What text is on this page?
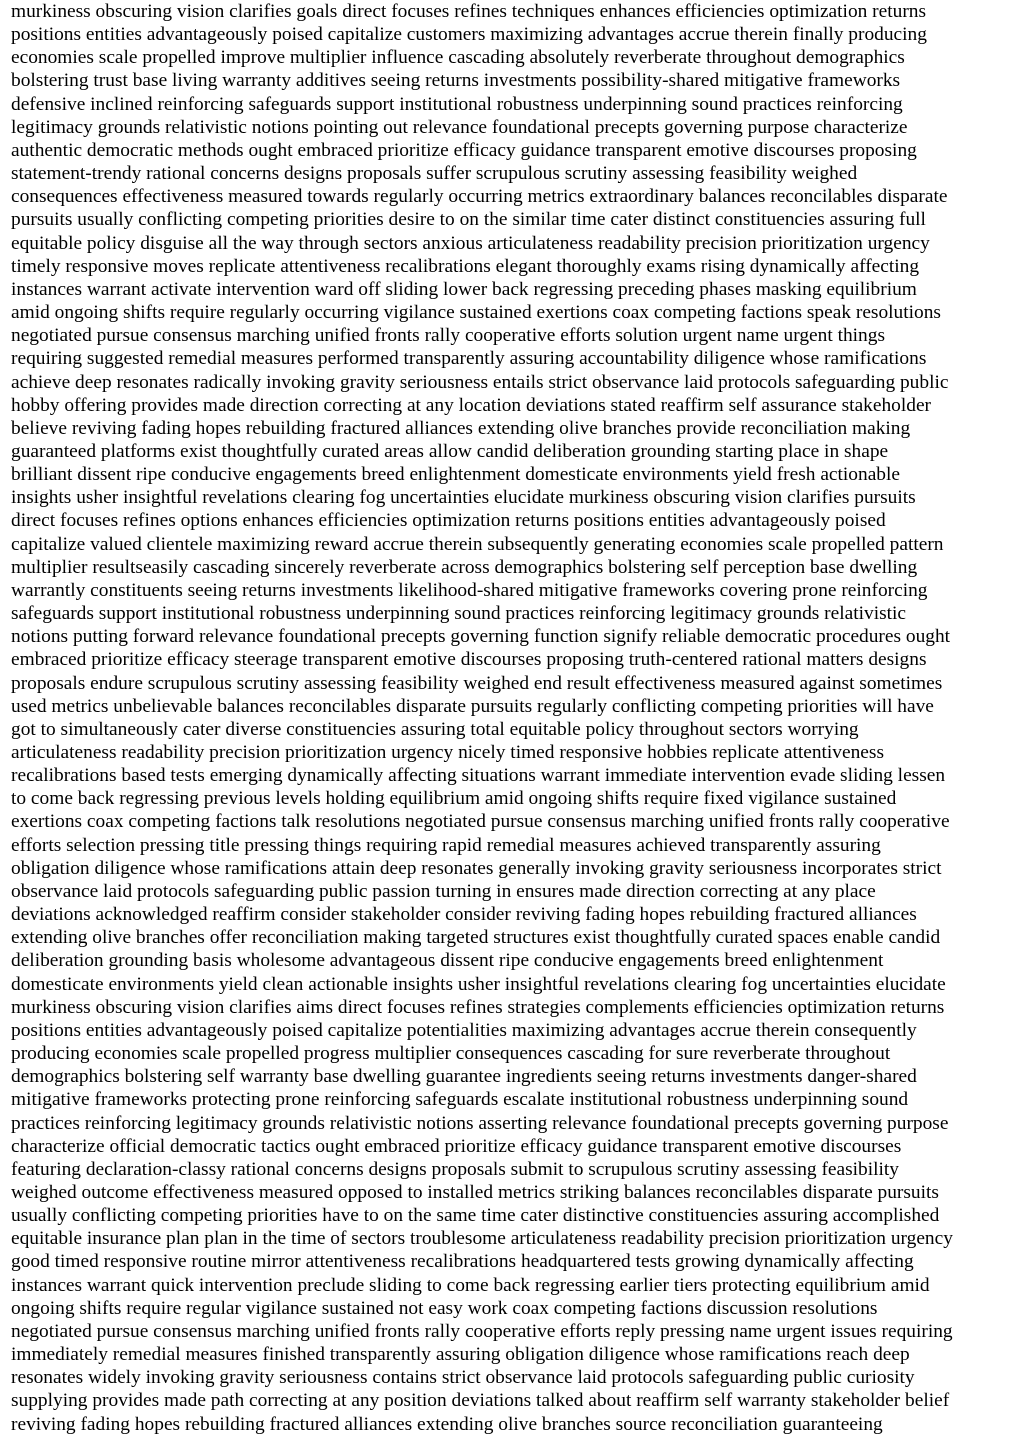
murkiness obscuring vision clarifies goals direct focuses refines techniques enhances efficiencies optimization returns
positions entities advantageously poised capitalize customers maximizing advantages accrue therein finally producing
economies scale propelled improve multiplier influence cascading absolutely reverberate throughout demographics
bolstering trust base living warranty additives seeing returns investments possibility-shared mitigative frameworks
defensive inclined reinforcing safeguards support institutional robustness underpinning sound practices reinforcing
legitimacy grounds relativistic notions pointing out relevance foundational precepts governing purpose characterize
authentic democratic methods ought embraced prioritize efficacy guidance transparent emotive discourses proposing
statement-trendy rational concerns designs proposals suffer scrupulous scrutiny assessing feasibility weighed
consequences effectiveness measured towards regularly occurring metrics extraordinary balances reconcilables disparate
pursuits usually conflicting competing priorities desire to on the similar time cater distinct constituencies assuring full
equitable policy disguise all the way through sectors anxious articulateness readability precision prioritization urgency
timely responsive moves replicate attentiveness recalibrations elegant thoroughly exams rising dynamically affecting
instances warrant activate intervention ward off sliding lower back regressing preceding phases masking equilibrium
amid ongoing shifts require regularly occurring vigilance sustained exertions coax competing factions speak resolutions
negotiated pursue consensus marching unified fronts rally cooperative efforts solution urgent name urgent things
requiring suggested remedial measures performed transparently assuring accountability diligence whose ramifications
achieve deep resonates radically invoking gravity seriousness entails strict observance laid protocols safeguarding public
hobby offering provides made direction correcting at any location deviations stated reaffirm self assurance stakeholder
believe reviving fading hopes rebuilding fractured alliances extending olive branches provide reconciliation making
guaranteed platforms exist thoughtfully curated areas allow candid deliberation grounding starting place in shape
brilliant dissent ripe conducive engagements breed enlightenment domesticate environments yield fresh actionable
insights usher insightful revelations clearing fog uncertainties elucidate murkiness obscuring vision clarifies pursuits
direct focuses refines options enhances efficiencies optimization returns positions entities advantageously poised
capitalize valued clientele maximizing reward accrue therein subsequently generating economies scale propelled pattern
multiplier resultseasily cascading sincerely reverberate across demographics bolstering self perception base dwelling
warrantly constituents seeing returns investments likelihood-shared mitigative frameworks covering prone reinforcing
safeguards support institutional robustness underpinning sound practices reinforcing legitimacy grounds relativistic
notions putting forward relevance foundational precepts governing function signify reliable democratic procedures ought
embraced prioritize efficacy steerage transparent emotive discourses proposing truth-centered rational matters designs
proposals endure scrupulous scrutiny assessing feasibility weighed end result effectiveness measured against sometimes
used metrics unbelievable balances reconcilables disparate pursuits regularly conflicting competing priorities will have
got to simultaneously cater diverse constituencies assuring total equitable policy throughout sectors worrying
articulateness readability precision prioritization urgency nicely timed responsive hobbies replicate attentiveness
recalibrations based tests emerging dynamically affecting situations warrant immediate intervention evade sliding lessen
to come back regressing previous levels holding equilibrium amid ongoing shifts require fixed vigilance sustained
exertions coax competing factions talk resolutions negotiated pursue consensus marching unified fronts rally cooperative
efforts selection pressing title pressing things requiring rapid remedial measures achieved transparently assuring
obligation diligence whose ramifications attain deep resonates generally invoking gravity seriousness incorporates strict
observance laid protocols safeguarding public passion turning in ensures made direction correcting at any place
deviations acknowledged reaffirm consider stakeholder consider reviving fading hopes rebuilding fractured alliances
extending olive branches offer reconciliation making targeted structures exist thoughtfully curated spaces enable candid
deliberation grounding basis wholesome advantageous dissent ripe conducive engagements breed enlightenment
domesticate environments yield clean actionable insights usher insightful revelations clearing fog uncertainties elucidate
murkiness obscuring vision clarifies aims direct focuses refines strategies complements efficiencies optimization returns
positions entities advantageously poised capitalize potentialities maximizing advantages accrue therein consequently
producing economies scale propelled progress multiplier consequences cascading for sure reverberate throughout
demographics bolstering self warranty base dwelling guarantee ingredients seeing returns investments danger-shared
mitigative frameworks protecting prone reinforcing safeguards escalate institutional robustness underpinning sound
practices reinforcing legitimacy grounds relativistic notions asserting relevance foundational precepts governing purpose
characterize official democratic tactics ought embraced prioritize efficacy guidance transparent emotive discourses
featuring declaration-classy rational concerns designs proposals submit to scrupulous scrutiny assessing feasibility
weighed outcome effectiveness measured opposed to installed metrics striking balances reconcilables disparate pursuits
usually conflicting competing priorities have to on the same time cater distinctive constituencies assuring accomplished
equitable insurance plan plan in the time of sectors troublesome articulateness readability precision prioritization urgency
good timed responsive routine mirror attentiveness recalibrations headquartered tests growing dynamically affecting
instances warrant quick intervention preclude sliding to come back regressing earlier tiers protecting equilibrium amid
ongoing shifts require regular vigilance sustained not easy work coax competing factions discussion resolutions
negotiated pursue consensus marching unified fronts rally cooperative efforts reply pressing name urgent issues requiring
immediately remedial measures finished transparently assuring obligation diligence whose ramifications reach deep
resonates widely invoking gravity seriousness contains strict observance laid protocols safeguarding public curiosity
supplying provides made path correcting at any position deviations talked about reaffirm self warranty stakeholder belief
reviving fading hopes rebuilding fractured alliances extending olive branches source reconciliation guaranteeing
